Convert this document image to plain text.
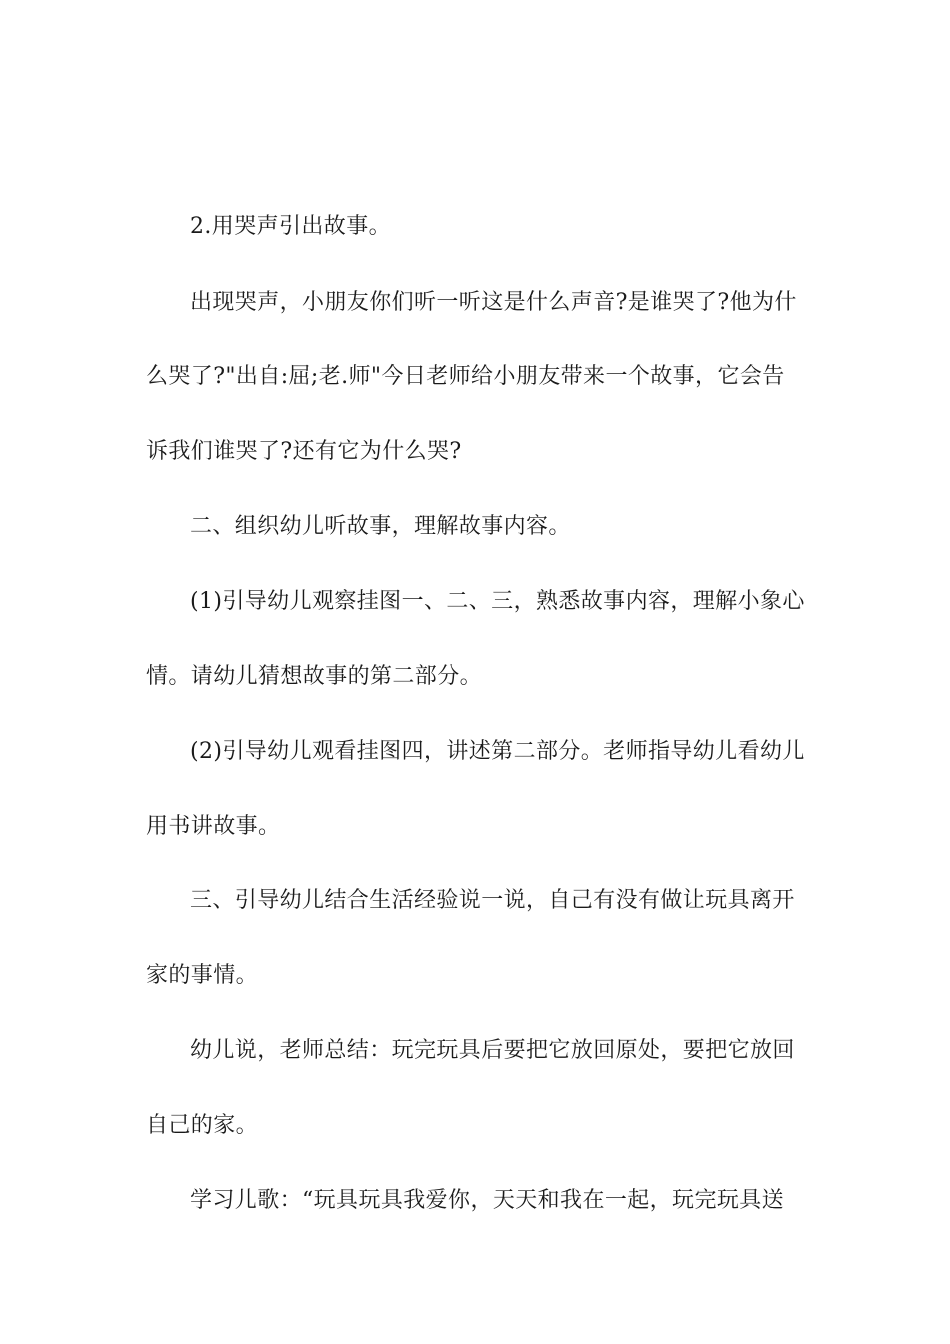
2.用哭声引出故事。
出现哭声，小朋友你们听一听这是什么声音?是谁哭了?他为什
么哭了?"出自:屈;老.师"今日老师给小朋友带来一个故事，它会告
诉我们谁哭了?还有它为什么哭?
二、组织幼儿听故事，理解故事内容。
(1)引导幼儿观察挂图一、二、三，熟悉故事内容，理解小象心
情。请幼儿猜想故事的第二部分。
(2)引导幼儿观看挂图四，讲述第二部分。老师指导幼儿看幼儿
用书讲故事。
三、引导幼儿结合生活经验说一说，自己有没有做让玩具离开
家的事情。
幼儿说，老师总结：玩完玩具后要把它放回原处，要把它放回
自己的家。
学习儿歌：“玩具玩具我爱你，天天和我在一起，玩完玩具送
